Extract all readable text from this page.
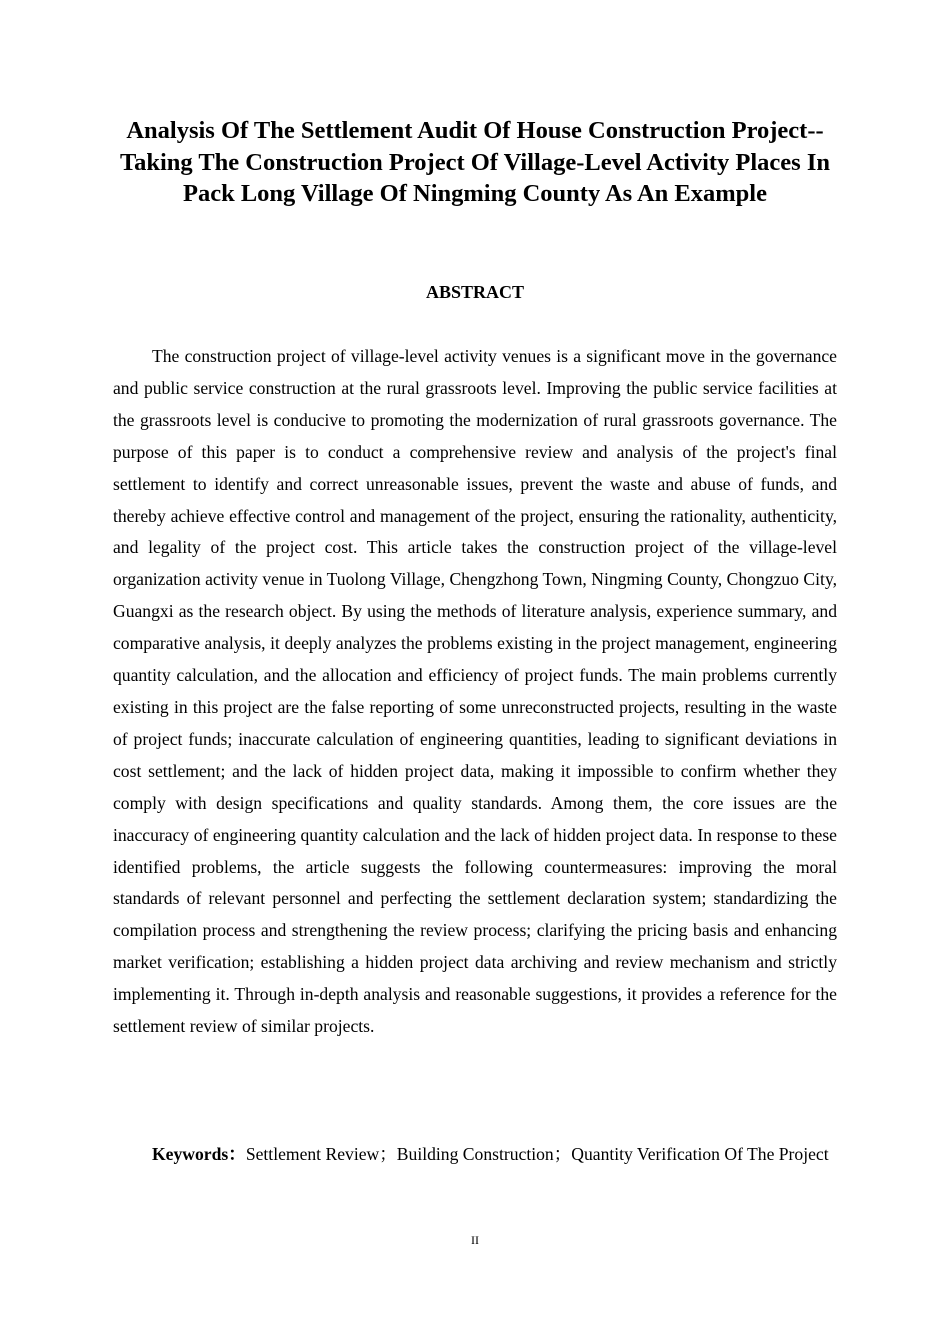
Analysis Of The Settlement Audit Of House Construction Project--Taking The Construction Project Of Village-Level Activity Places In Pack Long Village Of Ningming County As An Example
ABSTRACT

The construction project of village-level activity venues is a significant move in the governance and public service construction at the rural grassroots level. Improving the public service facilities at the grassroots level is conducive to promoting the modernization of rural grassroots governance. The purpose of this paper is to conduct a comprehensive review and analysis of the project's final settlement to identify and correct unreasonable issues, prevent the waste and abuse of funds, and thereby achieve effective control and management of the project, ensuring the rationality, authenticity, and legality of the project cost. This article takes the construction project of the village-level organization activity venue in Tuolong Village, Chengzhong Town, Ningming County, Chongzuo City, Guangxi as the research object. By using the methods of literature analysis, experience summary, and comparative analysis, it deeply analyzes the problems existing in the project management, engineering quantity calculation, and the allocation and efficiency of project funds. The main problems currently existing in this project are the false reporting of some unreconstructed projects, resulting in the waste of project funds; inaccurate calculation of engineering quantities, leading to significant deviations in cost settlement; and the lack of hidden project data, making it impossible to confirm whether they comply with design specifications and quality standards. Among them, the core issues are the inaccuracy of engineering quantity calculation and the lack of hidden project data. In response to these identified problems, the article suggests the following countermeasures: improving the moral standards of relevant personnel and perfecting the settlement declaration system; standardizing the compilation process and strengthening the review process; clarifying the pricing basis and enhancing market verification; establishing a hidden project data archiving and review mechanism and strictly implementing it. Through in-depth analysis and reasonable suggestions, it provides a reference for the settlement review of similar projects.

Keywords：Settlement Review；Building Construction；Quantity Verification Of The Project

II
